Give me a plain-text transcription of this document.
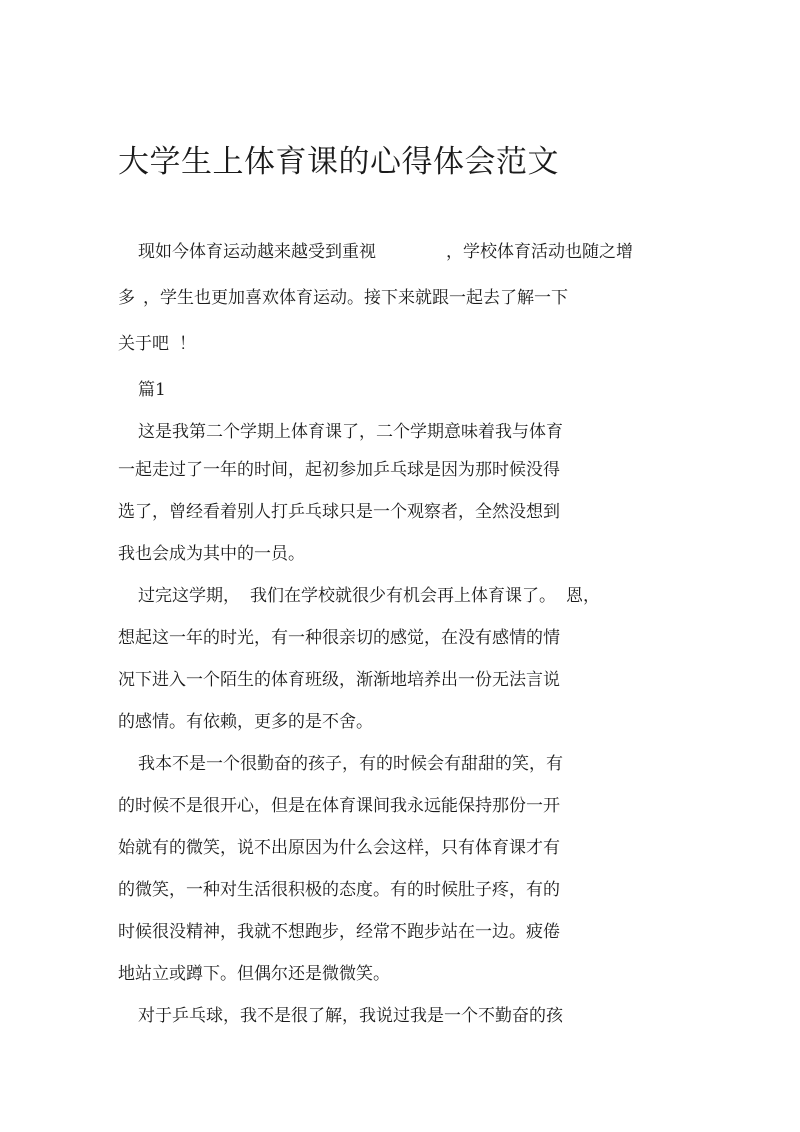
大学生上体育课的心得体会范文
现如今体育运动越来越受到重视	，学校体育活动也随之增
多 ，学生也更加喜欢体育运动。接下来就跟一起去了解一下
关于吧 ！
篇1
这是我第二个学期上体育课了，二个学期意味着我与体育
一起走过了一年的时间，起初参加乒乓球是因为那时候没得
选了，曾经看着别人打乒乓球只是一个观察者，全然没想到
我也会成为其中的一员。
过完这学期， 我们在学校就很少有机会再上体育课了。 恩，
想起这一年的时光，有一种很亲切的感觉，在没有感情的情
况下进入一个陌生的体育班级，渐渐地培养出一份无法言说
的感情。有依赖，更多的是不舍。
我本不是一个很勤奋的孩子，有的时候会有甜甜的笑，有
的时候不是很开心，但是在体育课间我永远能保持那份一开
始就有的微笑，说不出原因为什么会这样，只有体育课才有
的微笑，一种对生活很积极的态度。有的时候肚子疼，有的
时候很没精神，我就不想跑步，经常不跑步站在一边。疲倦
地站立或蹲下。但偶尔还是微微笑。
对于乒乓球，我不是很了解，我说过我是一个不勤奋的孩
